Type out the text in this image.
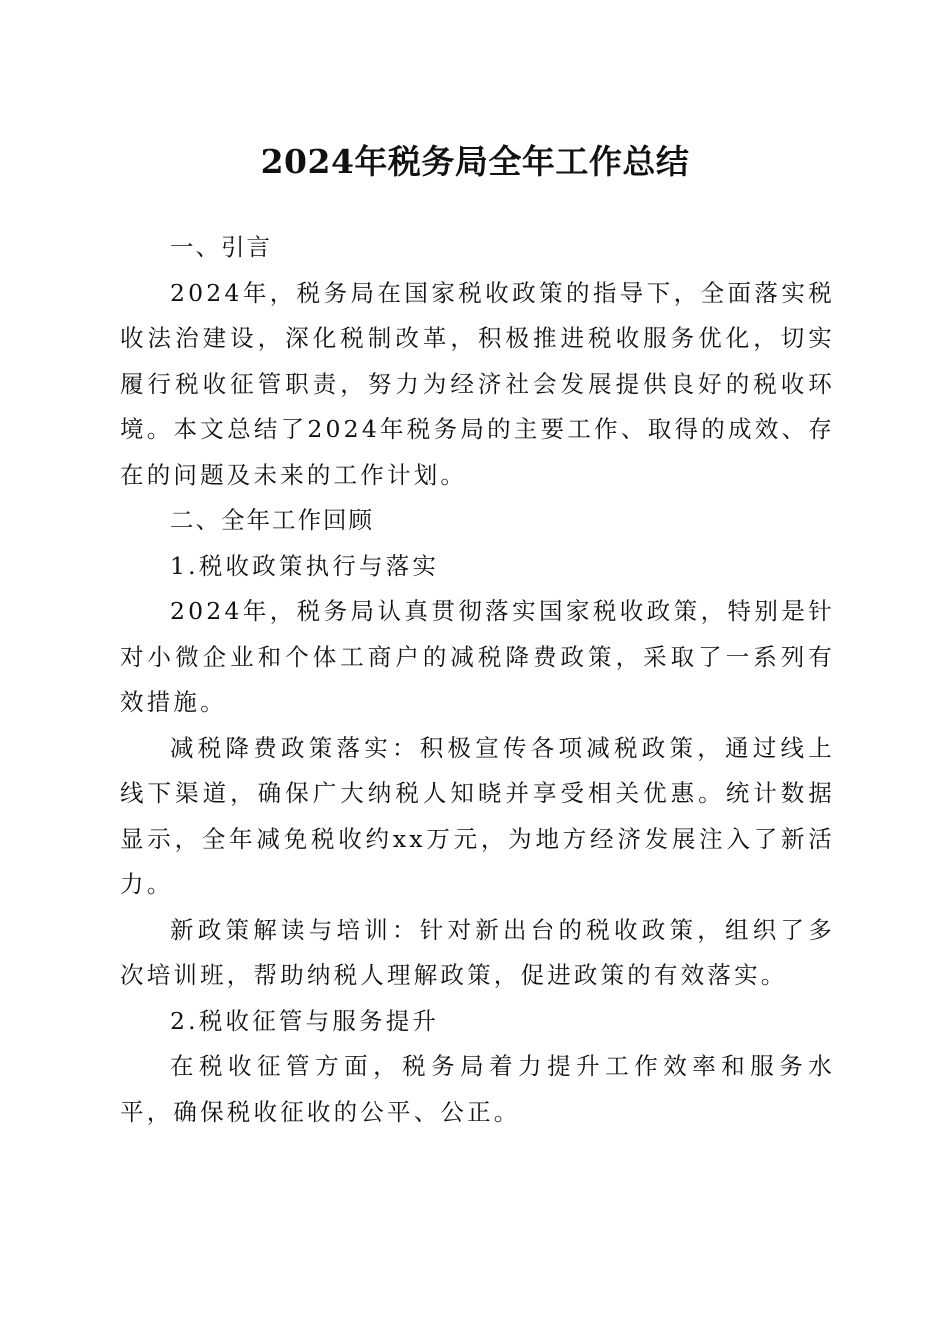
2024年税务局全年工作总结

一、引言

2024年，税务局在国家税收政策的指导下，全面落实税收法治建设，深化税制改革，积极推进税收服务优化，切实履行税收征管职责，努力为经济社会发展提供良好的税收环境。本文总结了2024年税务局的主要工作、取得的成效、存在的问题及未来的工作计划。

二、全年工作回顾

1.税收政策执行与落实

2024年，税务局认真贯彻落实国家税收政策，特别是针对小微企业和个体工商户的减税降费政策，采取了一系列有效措施。

减税降费政策落实：积极宣传各项减税政策，通过线上线下渠道，确保广大纳税人知晓并享受相关优惠。统计数据显示，全年减免税收约xx万元，为地方经济发展注入了新活力。

新政策解读与培训：针对新出台的税收政策，组织了多次培训班，帮助纳税人理解政策，促进政策的有效落实。

2.税收征管与服务提升

在税收征管方面，税务局着力提升工作效率和服务水平，确保税收征收的公平、公正。
